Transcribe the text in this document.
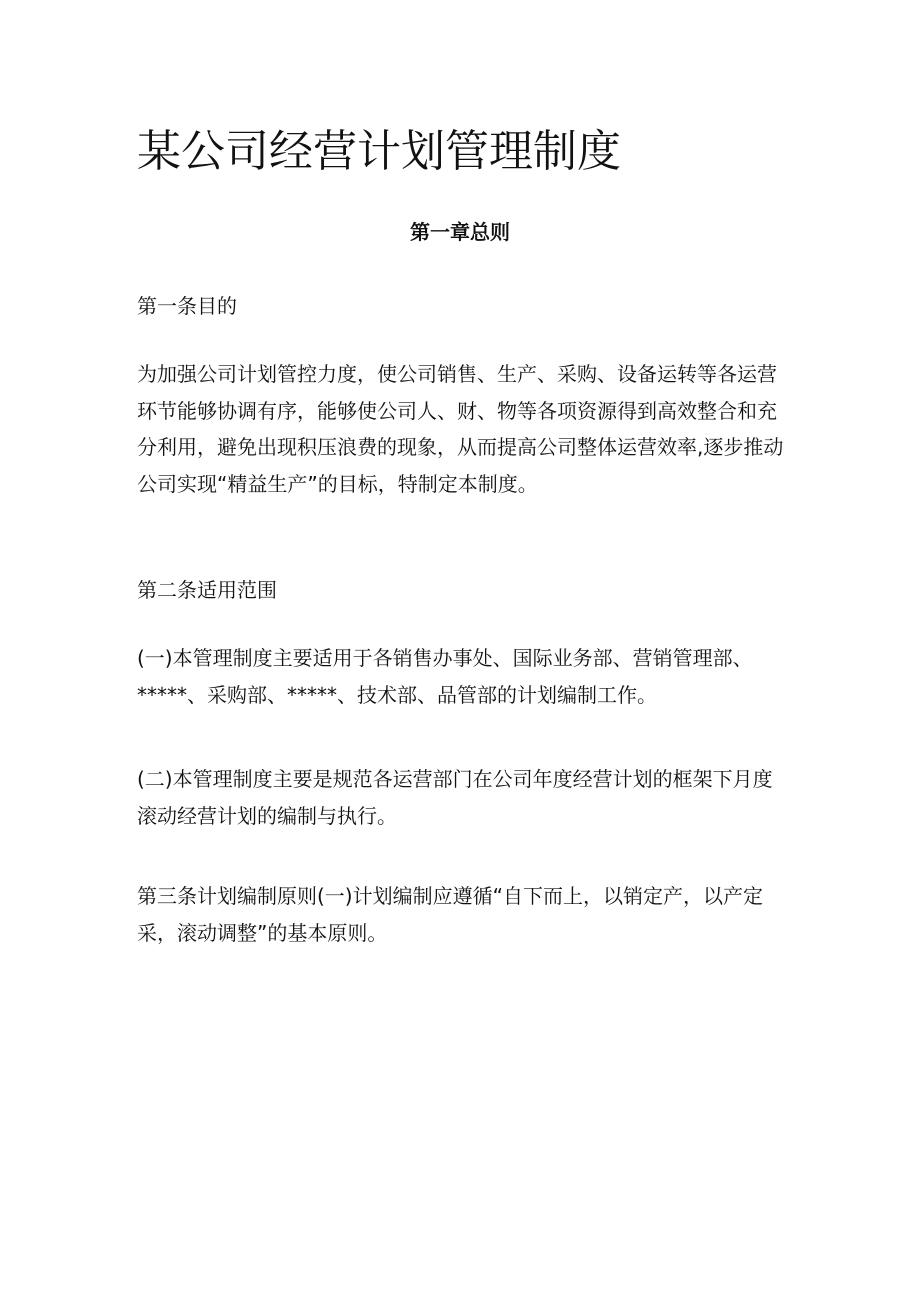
某公司经营计划管理制度
第一章总则

第一条目的

为加强公司计划管控力度，使公司销售、生产、采购、设备运转等各运营
环节能够协调有序，能够使公司人、财、物等各项资源得到高效整合和充
分利用，避免出现积压浪费的现象，从而提高公司整体运营效率,逐步推动
公司实现“精益生产”的目标，特制定本制度。

第二条适用范围

(一)本管理制度主要适用于各销售办事处、国际业务部、营销管理部、
*****、采购部、*****、技术部、品管部的计划编制工作。

(二)本管理制度主要是规范各运营部门在公司年度经营计划的框架下月度
滚动经营计划的编制与执行。

第三条计划编制原则(一)计划编制应遵循“自下而上，以销定产，以产定
采，滚动调整”的基本原则。
